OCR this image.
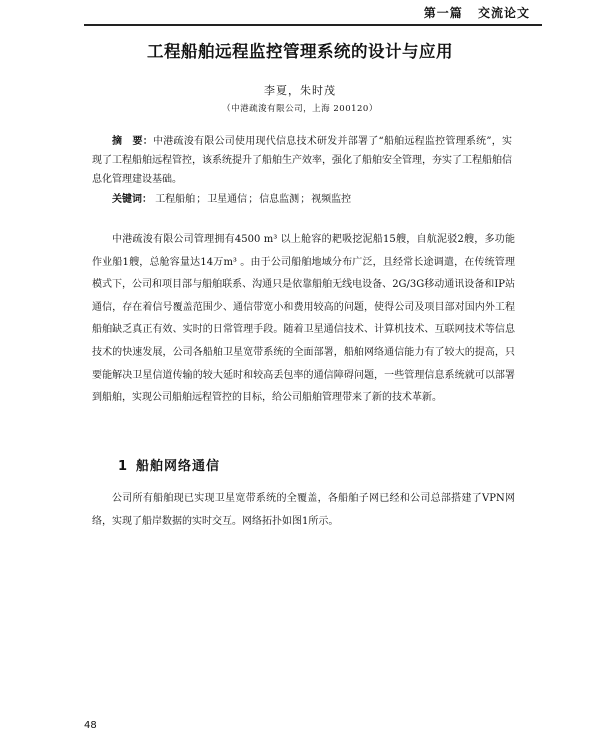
第一篇 交流论文
工程船舶远程监控管理系统的设计与应用
李夏，朱时茂
（中港疏浚有限公司，上海 200120）
摘　要：中港疏浚有限公司使用现代信息技术研发并部署了“船舶远程监控管理系统”，实现了工程船舶远程管控，该系统提升了船舶生产效率，强化了船舶安全管理，夯实了工程船舶信息化管理建设基础。
关键词： 工程船舶；卫星通信；信息监测；视频监控
中港疏浚有限公司管理拥有4500 m³ 以上舱容的耙吸挖泥船15艘，自航泥驳2艘，多功能作业船1艘，总舱容量达14万m³ 。由于公司船舶地域分布广泛，且经常长途调遣，在传统管理模式下，公司和项目部与船舶联系、沟通只是依靠船舶无线电设备、2G/3G移动通讯设备和IP站通信，存在着信号覆盖范围少、通信带宽小和费用较高的问题，使得公司及项目部对国内外工程船舶缺乏真正有效、实时的日常管理手段。随着卫星通信技术、计算机技术、互联网技术等信息技术的快速发展，公司各船舶卫星宽带系统的全面部署，船舶网络通信能力有了较大的提高，只要能解决卫星信道传输的较大延时和较高丢包率的通信障碍问题，一些管理信息系统就可以部署到船舶，实现公司船舶远程管控的目标，给公司船舶管理带来了新的技术革新。
1 船舶网络通信
公司所有船舶现已实现卫星宽带系统的全覆盖，各船舶子网已经和公司总部搭建了VPN网络，实现了船岸数据的实时交互。网络拓扑如图1所示。
48
